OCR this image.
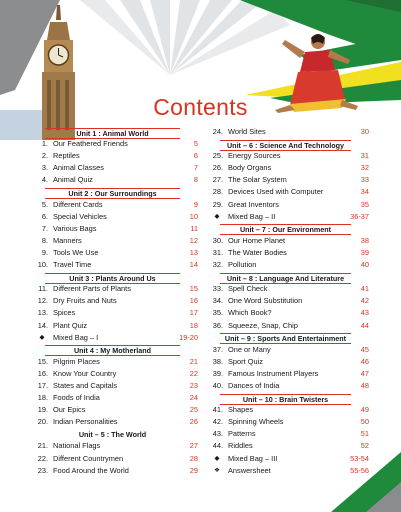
Contents
Unit 1 : Animal World
1. Our Feathered Friends	5
2. Reptiles	6
3. Animal Classes	7
4. Animal Quiz	8
Unit 2 : Our Surroundings
5. Different Cards	9
6. Special Vehicles	10
7. Various Bags	11
8. Manners	12
9. Tools We Use	13
10. Travel Time	14
Unit 3 : Plants Around Us
11. Different Parts of Plants	15
12. Dry Fruits and Nuts	16
13. Spices	17
14. Plant Quiz	18
◆	Mixed Bag – I	19-20
Unit 4 : My Motherland
15. Pilgrim Places	21
16. Know Your Country	22
17. States and Capitals	23
18. Foods of India	24
19. Our Epics	25
20. Indian Personalities	26
Unit – 5 : The World
21. National Flags	27
22. Different Countrymen	28
23. Food Around the World	29
24. World Sites	30
Unit – 6 : Science And Technology
25. Energy Sources	31
26. Body Organs	32
27. The Solar System	33
28. Devices Used with Computer	34
29. Great Inventors	35
◆	Mixed Bag – II	36-37
Unit – 7 : Our Environment
30. Our Home Planet	38
31. The Water Bodies	39
32. Pollution	40
Unit – 8 : Language And Literature
33. Spell Check	41
34. One Word Substitution	42
35. Which Book?	43
36. Squeeze, Snap, Chip	44
Unit – 9 : Sports And Entertainment
37. One or Many	45
38. Sport Quiz	46
39. Famous Instrument Players	47
40. Dances of India	48
Unit – 10 : Brain Twisters
41. Shapes	49
42. Spinning Wheels	50
43. Patterns	51
44. Riddles	52
◆	Mixed Bag – III	53-54
❖	Answersheet	55-56
